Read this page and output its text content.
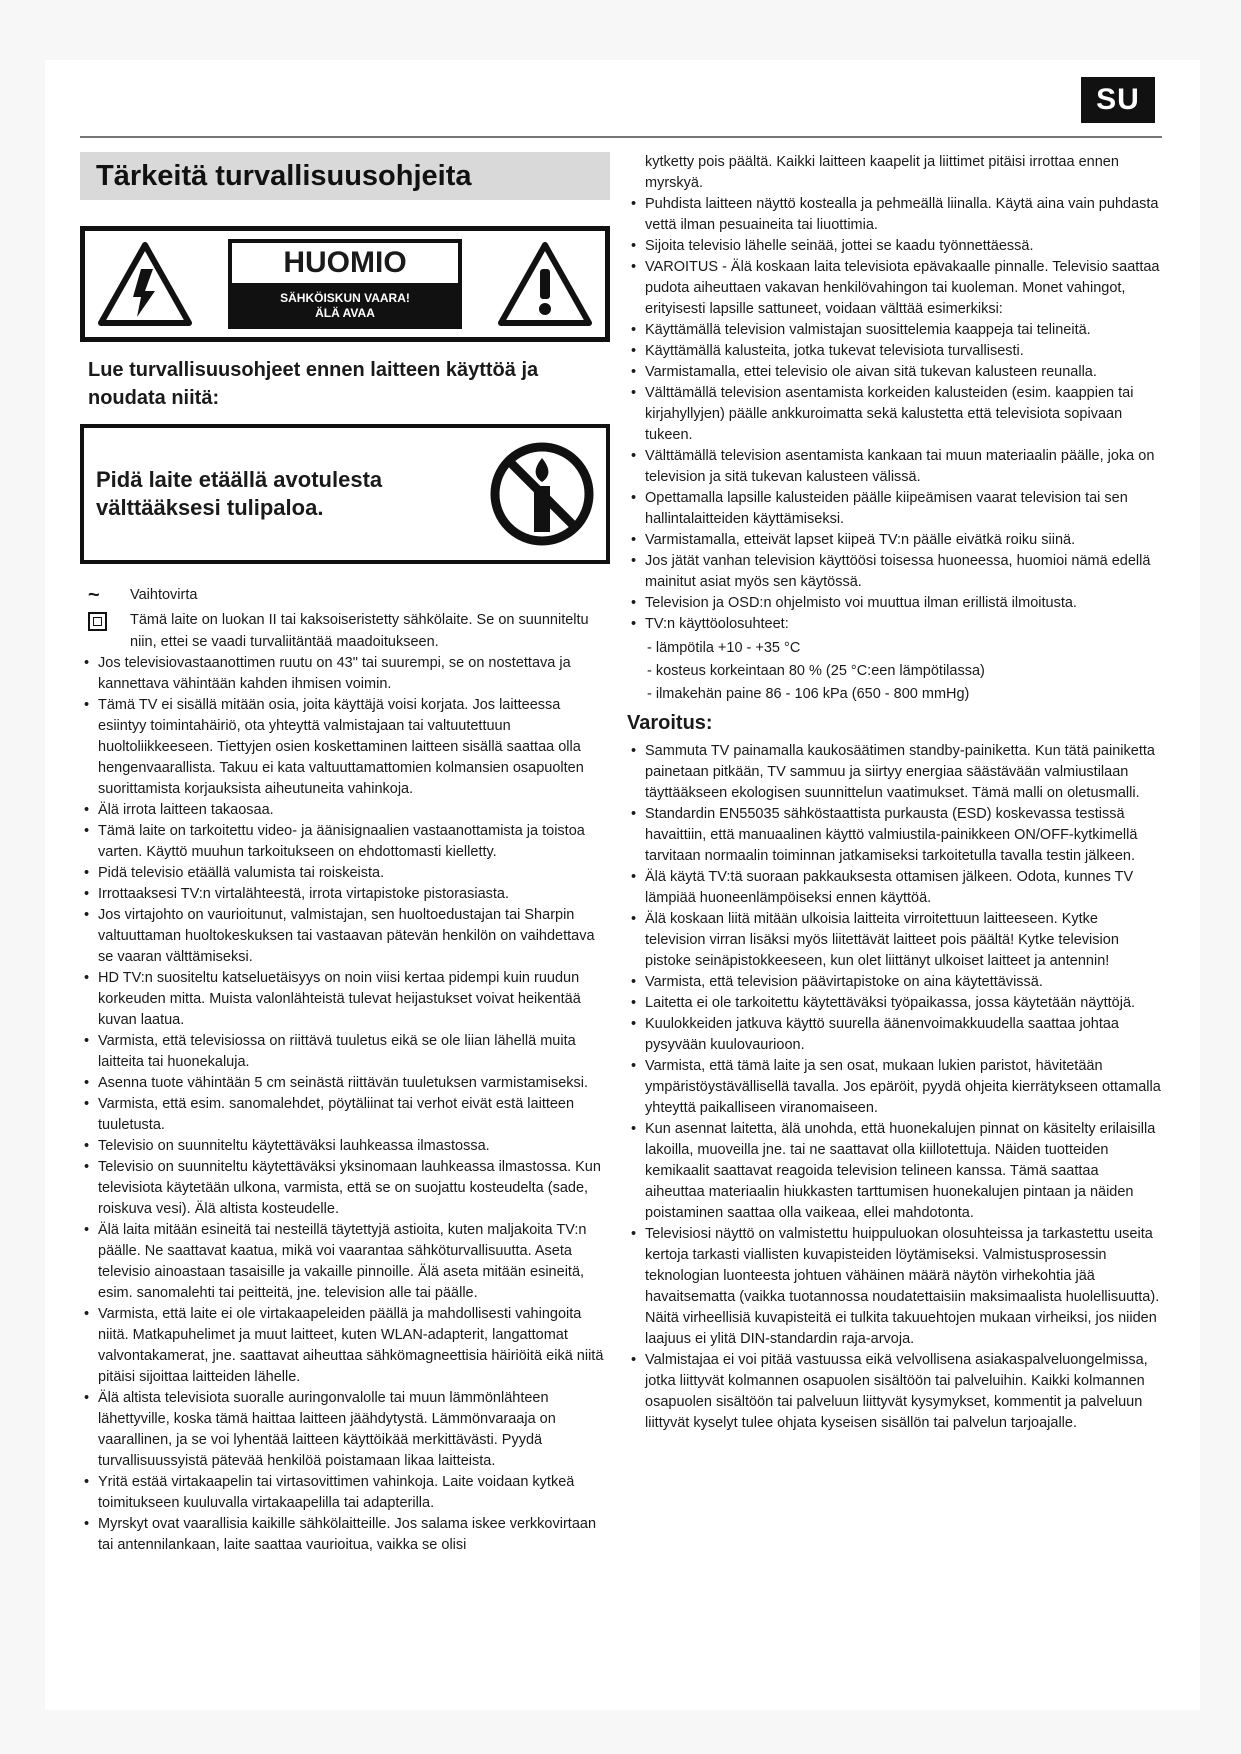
SU
Tärkeitä turvallisuusohjeita
HUOMIO
SÄHKÖISKUN VAARA!
ÄLÄ AVAA
Lue turvallisuusohjeet ennen laitteen käyttöä ja noudata niitä:
Pidä laite etäällä avotulesta välttääksesi tulipaloa.
~	Vaihtovirta
Tämä laite on luokan II tai kaksoiseristetty sähkölaite. Se on suunniteltu niin, ettei se vaadi turvaliitäntää maadoitukseen.
• Jos televisiovastaanottimen ruutu on 43" tai suurempi, se on nostettava ja kannettava vähintään kahden ihmisen voimin.
• Tämä TV ei sisällä mitään osia, joita käyttäjä voisi korjata. Jos laitteessa esiintyy toimintahäiriö, ota yhteyttä valmistajaan tai valtuutettuun huoltoliikkeeseen. Tiettyjen osien koskettaminen laitteen sisällä saattaa olla hengenvaarallista. Takuu ei kata valtuuttamattomien kolmansien osapuolten suorittamista korjauksista aiheutuneita vahinkoja.
• Älä irrota laitteen takaosaa.
• Tämä laite on tarkoitettu video- ja äänisignaalien vastaanottamista ja toistoa varten. Käyttö muuhun tarkoitukseen on ehdottomasti kielletty.
• Pidä televisio etäällä valumista tai roiskeista.
• Irrottaaksesi TV:n virtalähteestä, irrota virtapistoke pistorasiasta.
• Jos virtajohto on vaurioitunut, valmistajan, sen huoltoedustajan tai Sharpin valtuuttaman huoltokeskuksen tai vastaavan pätevän henkilön on vaihdettava se vaaran välttämiseksi.
• HD TV:n suositeltu katseluetäisyys on noin viisi kertaa pidempi kuin ruudun korkeuden mitta. Muista valonlähteistä tulevat heijastukset voivat heikentää kuvan laatua.
• Varmista, että televisiossa on riittävä tuuletus eikä se ole liian lähellä muita laitteita tai huonekaluja.
• Asenna tuote vähintään 5 cm seinästä riittävän tuuletuksen varmistamiseksi.
• Varmista, että esim. sanomalehdet, pöytäliinat tai verhot eivät estä laitteen tuuletusta.
• Televisio on suunniteltu käytettäväksi lauhkeassa ilmastossa.
• Televisio on suunniteltu käytettäväksi yksinomaan lauhkeassa ilmastossa. Kun televisiota käytetään ulkona, varmista, että se on suojattu kosteudelta (sade, roiskuva vesi). Älä altista kosteudelle.
• Älä laita mitään esineitä tai nesteillä täytettyjä astioita, kuten maljakoita TV:n päälle. Ne saattavat kaatua, mikä voi vaarantaa sähköturvallisuutta. Aseta televisio ainoastaan tasaisille ja vakaille pinnoille. Älä aseta mitään esineitä, esim. sanomalehti tai peitteitä, jne. television alle tai päälle.
• Varmista, että laite ei ole virtakaapeleiden päällä ja mahdollisesti vahingoita niitä. Matkapuhelimet ja muut laitteet, kuten WLAN-adapterit, langattomat valvontakamerat, jne. saattavat aiheuttaa sähkömagneettisia häiriöitä eikä niitä pitäisi sijoittaa laitteiden lähelle.
• Älä altista televisiota suoralle auringonvalolle tai muun lämmönlähteen lähettyville, koska tämä haittaa laitteen jäähdytystä. Lämmönvaraaja on vaarallinen, ja se voi lyhentää laitteen käyttöikää merkittävästi. Pyydä turvallisuussyistä pätevää henkilöä poistamaan likaa laitteista.
• Yritä estää virtakaapelin tai virtasovittimen vahinkoja. Laite voidaan kytkeä toimitukseen kuuluvalla virtakaapelilla tai adapterilla.
• Myrskyt ovat vaarallisia kaikille sähkölaitteille. Jos salama iskee verkkovirtaan tai antennilankaan, laite saattaa vaurioitua, vaikka se olisi
kytketty pois päältä. Kaikki laitteen kaapelit ja liittimet pitäisi irrottaa ennen myrskyä.
• Puhdista laitteen näyttö kostealla ja pehmeällä liinalla. Käytä aina vain puhdasta vettä ilman pesuaineita tai liuottimia.
• Sijoita televisio lähelle seinää, jottei se kaadu työnnettäessä.
• VAROITUS - Älä koskaan laita televisiota epävakaalle pinnalle. Televisio saattaa pudota aiheuttaen vakavan henkilövahingon tai kuoleman. Monet vahingot, erityisesti lapsille sattuneet, voidaan välttää esimerkiksi:
• Käyttämällä television valmistajan suosittelemia kaappeja tai telineitä.
• Käyttämällä kalusteita, jotka tukevat televisiota turvallisesti.
• Varmistamalla, ettei televisio ole aivan sitä tukevan kalusteen reunalla.
• Välttämällä television asentamista korkeiden kalusteiden (esim. kaappien tai kirjahyllyjen) päälle ankkuroimatta sekä kalustetta että televisiota sopivaan tukeen.
• Välttämällä television asentamista kankaan tai muun materiaalin päälle, joka on television ja sitä tukevan kalusteen välissä.
• Opettamalla lapsille kalusteiden päälle kiipeämisen vaarat television tai sen hallintalaitteiden käyttämiseksi.
• Varmistamalla, etteivät lapset kiipeä TV:n päälle eivätkä roiku siinä.
• Jos jätät vanhan television käyttöösi toisessa huoneessa, huomioi nämä edellä mainitut asiat myös sen käytössä.
• Television ja OSD:n ohjelmisto voi muuttua ilman erillistä ilmoitusta.
• TV:n käyttöolosuhteet:
- lämpötila +10 - +35 °C
- kosteus korkeintaan 80 % (25 °C:een lämpötilassa)
- ilmakehän paine 86 - 106 kPa (650 - 800 mmHg)
Varoitus:
• Sammuta TV painamalla kaukosäätimen standby-painiketta. Kun tätä painiketta painetaan pitkään, TV sammuu ja siirtyy energiaa säästävään valmiustilaan täyttääkseen ekologisen suunnittelun vaatimukset. Tämä malli on oletusmalli.
• Standardin EN55035 sähköstaattista purkausta (ESD) koskevassa testissä havaittiin, että manuaalinen käyttö valmiustila-painikkeen ON/OFF-kytkimellä tarvitaan normaalin toiminnan jatkamiseksi tarkoitetulla tavalla testin jälkeen.
• Älä käytä TV:tä suoraan pakkauksesta ottamisen jälkeen. Odota, kunnes TV lämpiää huoneenlämpöiseksi ennen käyttöä.
• Älä koskaan liitä mitään ulkoisia laitteita virroitettuun laitteeseen. Kytke television virran lisäksi myös liitettävät laitteet pois päältä! Kytke television pistoke seinäpistokkeeseen, kun olet liittänyt ulkoiset laitteet ja antennin!
• Varmista, että television päävirtapistoke on aina käytettävissä.
• Laitetta ei ole tarkoitettu käytettäväksi työpaikassa, jossa käytetään näyttöjä.
• Kuulokkeiden jatkuva käyttö suurella äänenvoimakkuudella saattaa johtaa pysyvään kuulovaurioon.
• Varmista, että tämä laite ja sen osat, mukaan lukien paristot, hävitetään ympäristöystävällisellä tavalla. Jos epäröit, pyydä ohjeita kierrätykseen ottamalla yhteyttä paikalliseen viranomaiseen.
• Kun asennat laitetta, älä unohda, että huonekalujen pinnat on käsitelty erilaisilla lakoilla, muoveilla jne. tai ne saattavat olla kiillotettuja. Näiden tuotteiden kemikaalit saattavat reagoida television telineen kanssa. Tämä saattaa aiheuttaa materiaalin hiukkasten tarttumisen huonekalujen pintaan ja näiden poistaminen saattaa olla vaikeaa, ellei mahdotonta.
• Televisiosi näyttö on valmistettu huippuluokan olosuhteissa ja tarkastettu useita kertoja tarkasti viallisten kuvapisteiden löytämiseksi. Valmistusprosessin teknologian luonteesta johtuen vähäinen määrä näytön virhekohtia jää havaitsematta (vaikka tuotannossa noudatettaisiin maksimaalista huolellisuutta). Näitä virheellisiä kuvapisteitä ei tulkita takuuehtojen mukaan virheiksi, jos niiden laajuus ei ylitä DIN-standardin raja-arvoja.
• Valmistajaa ei voi pitää vastuussa eikä velvollisena asiakaspalveluongelmissa, jotka liittyvät kolmannen osapuolen sisältöön tai palveluihin. Kaikki kolmannen osapuolen sisältöön tai palveluun liittyvät kysymykset, kommentit ja palveluun liittyvät kyselyt tulee ohjata kyseisen sisällön tai palvelun tarjoajalle.
